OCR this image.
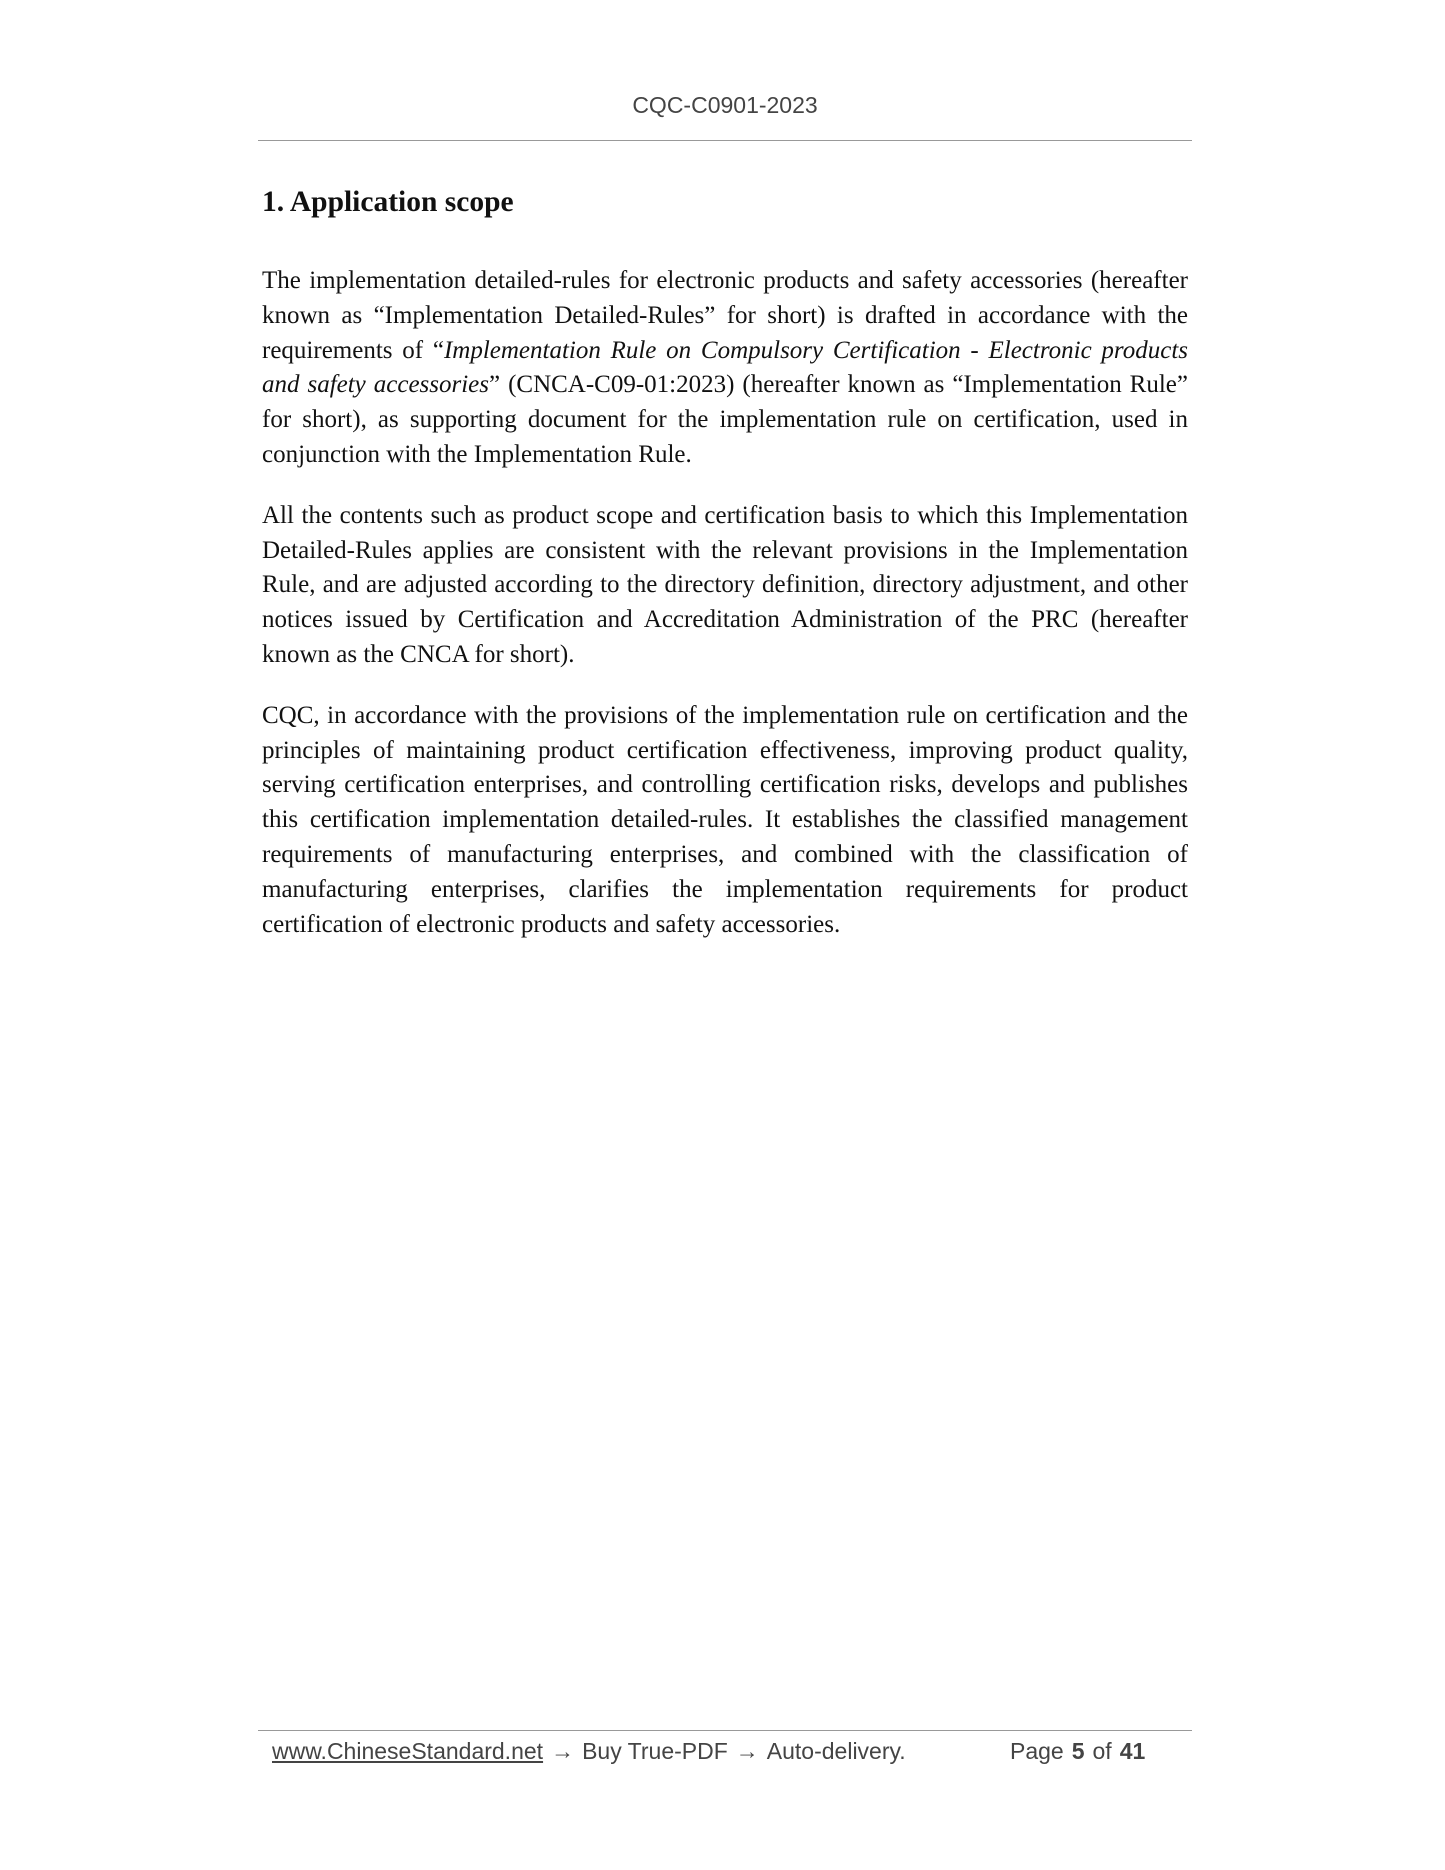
CQC-C0901-2023
1. Application scope

The implementation detailed-rules for electronic products and safety accessories (hereafter known as “Implementation Detailed-Rules” for short) is drafted in accordance with the requirements of “Implementation Rule on Compulsory Certification - Electronic products and safety accessories” (CNCA-C09-01:2023) (hereafter known as “Implementation Rule” for short), as supporting document for the implementation rule on certification, used in conjunction with the Implementation Rule.

All the contents such as product scope and certification basis to which this Implementation Detailed-Rules applies are consistent with the relevant provisions in the Implementation Rule, and are adjusted according to the directory definition, directory adjustment, and other notices issued by Certification and Accreditation Administration of the PRC (hereafter known as the CNCA for short).

CQC, in accordance with the provisions of the implementation rule on certification and the principles of maintaining product certification effectiveness, improving product quality, serving certification enterprises, and controlling certification risks, develops and publishes this certification implementation detailed-rules. It establishes the classified management requirements of manufacturing enterprises, and combined with the classification of manufacturing enterprises, clarifies the implementation requirements for product certification of electronic products and safety accessories.

www.ChineseStandard.net → Buy True-PDF → Auto-delivery.	Page 5 of 41
